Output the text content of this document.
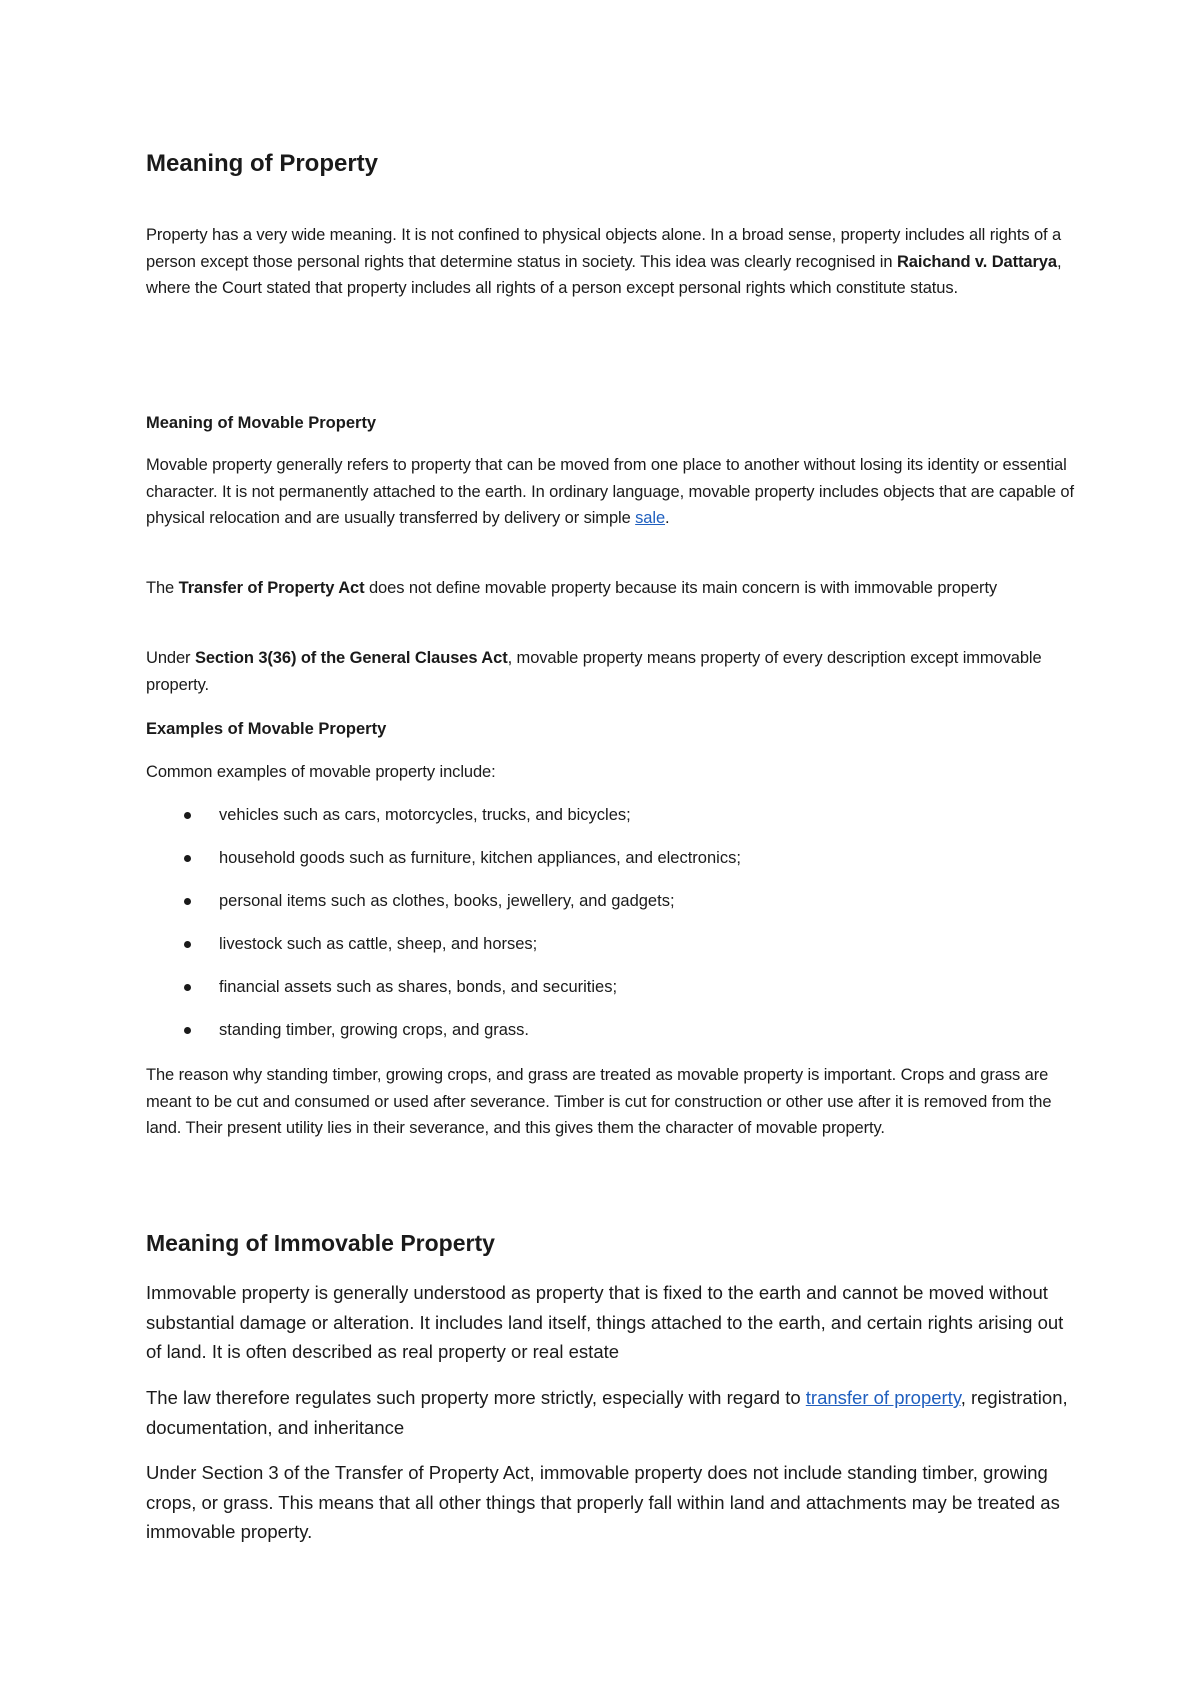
Meaning of Property

Property has a very wide meaning. It is not confined to physical objects alone. In a broad sense, property includes all rights of a person except those personal rights that determine status in society. This idea was clearly recognised in Raichand v. Dattarya, where the Court stated that property includes all rights of a person except personal rights which constitute status.

Meaning of Movable Property

Movable property generally refers to property that can be moved from one place to another without losing its identity or essential character. It is not permanently attached to the earth. In ordinary language, movable property includes objects that are capable of physical relocation and are usually transferred by delivery or simple sale.

The Transfer of Property Act does not define movable property because its main concern is with immovable property

Under Section 3(36) of the General Clauses Act, movable property means property of every description except immovable property.

Examples of Movable Property

Common examples of movable property include:

vehicles such as cars, motorcycles, trucks, and bicycles;
household goods such as furniture, kitchen appliances, and electronics;
personal items such as clothes, books, jewellery, and gadgets;
livestock such as cattle, sheep, and horses;
financial assets such as shares, bonds, and securities;
standing timber, growing crops, and grass.

The reason why standing timber, growing crops, and grass are treated as movable property is important. Crops and grass are meant to be cut and consumed or used after severance. Timber is cut for construction or other use after it is removed from the land. Their present utility lies in their severance, and this gives them the character of movable property.

Meaning of Immovable Property

Immovable property is generally understood as property that is fixed to the earth and cannot be moved without substantial damage or alteration. It includes land itself, things attached to the earth, and certain rights arising out of land. It is often described as real property or real estate

The law therefore regulates such property more strictly, especially with regard to transfer of property, registration, documentation, and inheritance

Under Section 3 of the Transfer of Property Act, immovable property does not include standing timber, growing crops, or grass. This means that all other things that properly fall within land and attachments may be treated as immovable property.
